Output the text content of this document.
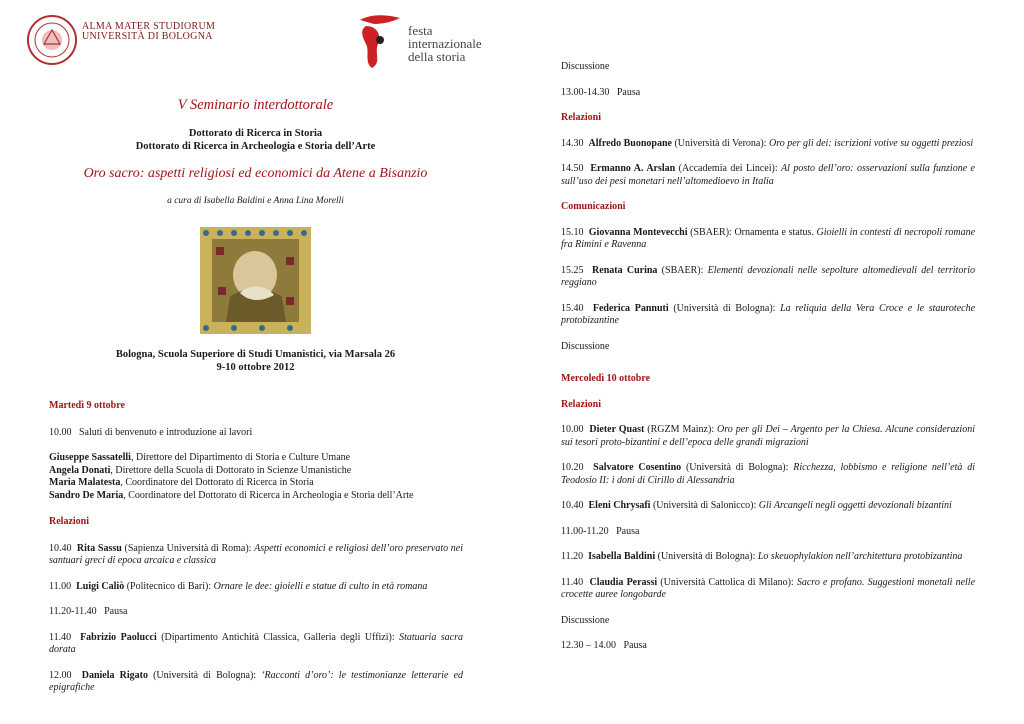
ALMA MATER STUDIORUM
UNIVERSITÀ DI BOLOGNA	festa
internazionale
della storia
V Seminario interdottorale
Dottorato di Ricerca in Storia
Dottorato di Ricerca in Archeologia e Storia dell’Arte
Oro sacro: aspetti religiosi ed economici da Atene a Bisanzio
a cura di Isabella Baldini e Anna Lina Morelli
Bologna, Scuola Superiore di Studi Umanistici, via Marsala 26
9-10 ottobre 2012
Martedì 9 ottobre
10.00 Saluti di benvenuto e introduzione ai lavori
Giuseppe Sassatelli, Direttore del Dipartimento di Storia e Culture Umane
Angela Donati, Direttore della Scuola di Dottorato in Scienze Umanistiche
Maria Malatesta, Coordinatore del Dottorato di Ricerca in Storia
Sandro De Maria, Coordinatore del Dottorato di Ricerca in Archeologia e Storia dell’Arte
Relazioni
10.40 Rita Sassu (Sapienza Università di Roma): Aspetti economici e religiosi dell’oro preservato nei santuari greci di epoca arcaica e classica
11.00 Luigi Caliò (Politecnico di Bari): Ornare le dee: gioielli e statue di culto in età romana
11.20-11.40 Pausa
11.40 Fabrizio Paolucci (Dipartimento Antichità Classica, Galleria degli Uffizi): Statuaria sacra dorata
12.00 Daniela Rigato (Università di Bologna): ‘Racconti d’oro’: le testimonianze letterarie ed epigrafiche
Discussione
13.00-14.30 Pausa
Relazioni
14.30 Alfredo Buonopane (Università di Verona): Oro per gli dei: iscrizioni votive su oggetti preziosi
14.50 Ermanno A. Arslan (Accademia dei Lincei): Al posto dell’oro: osservazioni sulla funzione e sull’uso dei pesi monetari nell’altomedioevo in Italia
Comunicazioni
15.10 Giovanna Montevecchi (SBAER): Ornamenta e status. Gioielli in contesti di necropoli romane fra Rimini e Ravenna
15.25 Renata Curina (SBAER): Elementi devozionali nelle sepolture altomedievali del territorio reggiano
15.40 Federica Pannuti (Università di Bologna): La reliquia della Vera Croce e le stauroteche protobizantine
Discussione
Mercoledì 10 ottobre
Relazioni
10.00 Dieter Quast (RGZM Mainz): Oro per gli Dei – Argento per la Chiesa. Alcune considerazioni sui tesori proto-bizantini e dell’epoca delle grandi migrazioni
10.20 Salvatore Cosentino (Università di Bologna): Ricchezza, lobbismo e religione nell’età di Teodosio II: i doni di Cirillo di Alessandria
10.40 Eleni Chrysafi (Università di Salonicco): Gli Arcangeli negli oggetti devozionali bizantini
11.00-11.20 Pausa
11.20 Isabella Baldini (Università di Bologna): Lo skeuophylakion nell’architettura protobizantina
11.40 Claudia Perassi (Università Cattolica di Milano): Sacro e profano. Suggestioni monetali nelle crocette auree longobarde
Discussione
12.30 – 14.00 Pausa
